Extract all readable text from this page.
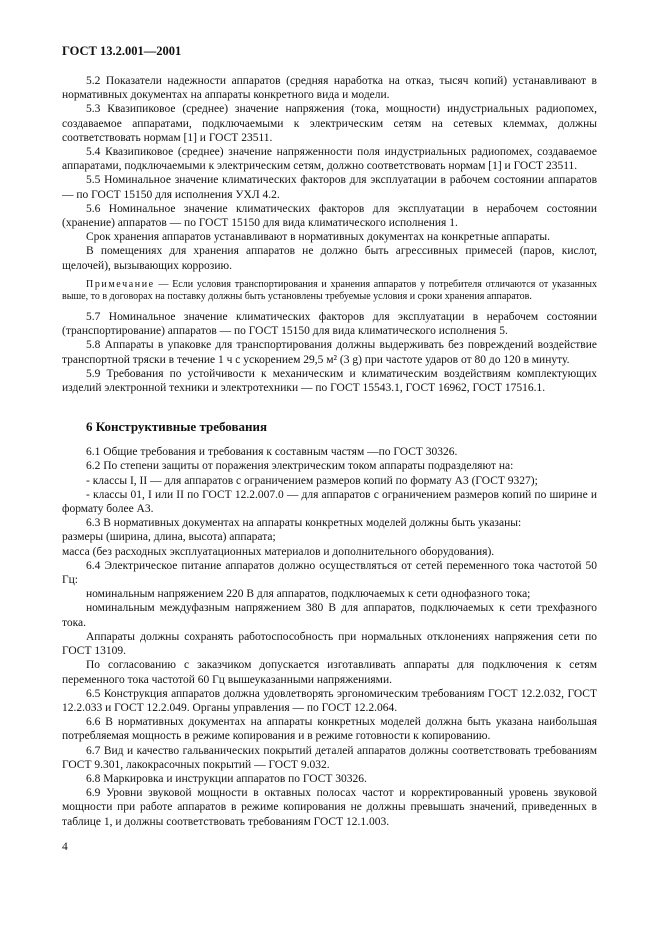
ГОСТ 13.2.001—2001

5.2 Показатели надежности аппаратов (средняя наработка на отказ, тысяч копий) устанавливают в нормативных документах на аппараты конкретного вида и модели.

5.3 Квазипиковое (среднее) значение напряжения (тока, мощности) индустриальных радиопомех, создаваемое аппаратами, подключаемыми к электрическим сетям на сетевых клеммах, должны соответствовать нормам [1] и ГОСТ 23511.

5.4 Квазипиковое (среднее) значение напряженности поля индустриальных радиопомех, создаваемое аппаратами, подключаемыми к электрическим сетям, должно соответствовать нормам [1] и ГОСТ 23511.

5.5 Номинальное значение климатических факторов для эксплуатации в рабочем состоянии аппаратов — по ГОСТ 15150 для исполнения УХЛ 4.2.

5.6 Номинальное значение климатических факторов для эксплуатации в нерабочем состоянии (хранение) аппаратов — по ГОСТ 15150 для вида климатического исполнения 1.

Срок хранения аппаратов устанавливают в нормативных документах на конкретные аппараты.

В помещениях для хранения аппаратов не должно быть агрессивных примесей (паров, кислот, щелочей), вызывающих коррозию.

Примечание — Если условия транспортирования и хранения аппаратов у потребителя отличаются от указанных выше, то в договорах на поставку должны быть установлены требуемые условия и сроки хранения аппаратов.

5.7 Номинальное значение климатических факторов для эксплуатации в нерабочем состоянии (транспортирование) аппаратов — по ГОСТ 15150 для вида климатического исполнения 5.

5.8 Аппараты в упаковке для транспортирования должны выдерживать без повреждений воздействие транспортной тряски в течение 1 ч с ускорением 29,5 м² (3 g) при частоте ударов от 80 до 120 в минуту.

5.9 Требования по устойчивости к механическим и климатическим воздействиям комплектующих изделий электронной техники и электротехники — по ГОСТ 15543.1, ГОСТ 16962, ГОСТ 17516.1.

6 Конструктивные требования

6.1 Общие требования и требования к составным частям —по ГОСТ 30326.

6.2 По степени защиты от поражения электрическим током аппараты подразделяют на:

- классы I, II — для аппаратов с ограничением размеров копий по формату А3 (ГОСТ 9327);

- классы 01, I или II по ГОСТ 12.2.007.0 — для аппаратов с ограничением размеров копий по ширине и формату более А3.

6.3 В нормативных документах на аппараты конкретных моделей должны быть указаны:

размеры (ширина, длина, высота) аппарата;

масса (без расходных эксплуатационных материалов и дополнительного оборудования).

6.4 Электрическое питание аппаратов должно осуществляться от сетей переменного тока частотой 50 Гц:

номинальным напряжением 220 В для аппаратов, подключаемых к сети однофазного тока;

номинальным междуфазным напряжением 380 В для аппаратов, подключаемых к сети трехфазного тока.

Аппараты должны сохранять работоспособность при нормальных отклонениях напряжения сети по ГОСТ 13109.

По согласованию с заказчиком допускается изготавливать аппараты для подключения к сетям переменного тока частотой 60 Гц вышеуказанными напряжениями.

6.5 Конструкция аппаратов должна удовлетворять эргономическим требованиям ГОСТ 12.2.032, ГОСТ 12.2.033 и ГОСТ 12.2.049. Органы управления — по ГОСТ 12.2.064.

6.6 В нормативных документах на аппараты конкретных моделей должна быть указана наибольшая потребляемая мощность в режиме копирования и в режиме готовности к копированию.

6.7 Вид и качество гальванических покрытий деталей аппаратов должны соответствовать требованиям ГОСТ 9.301, лакокрасочных покрытий — ГОСТ 9.032.

6.8 Маркировка и инструкции аппаратов по ГОСТ 30326.

6.9 Уровни звуковой мощности в октавных полосах частот и корректированный уровень звуковой мощности при работе аппаратов в режиме копирования не должны превышать значений, приведенных в таблице 1, и должны соответствовать требованиям ГОСТ 12.1.003.

4
